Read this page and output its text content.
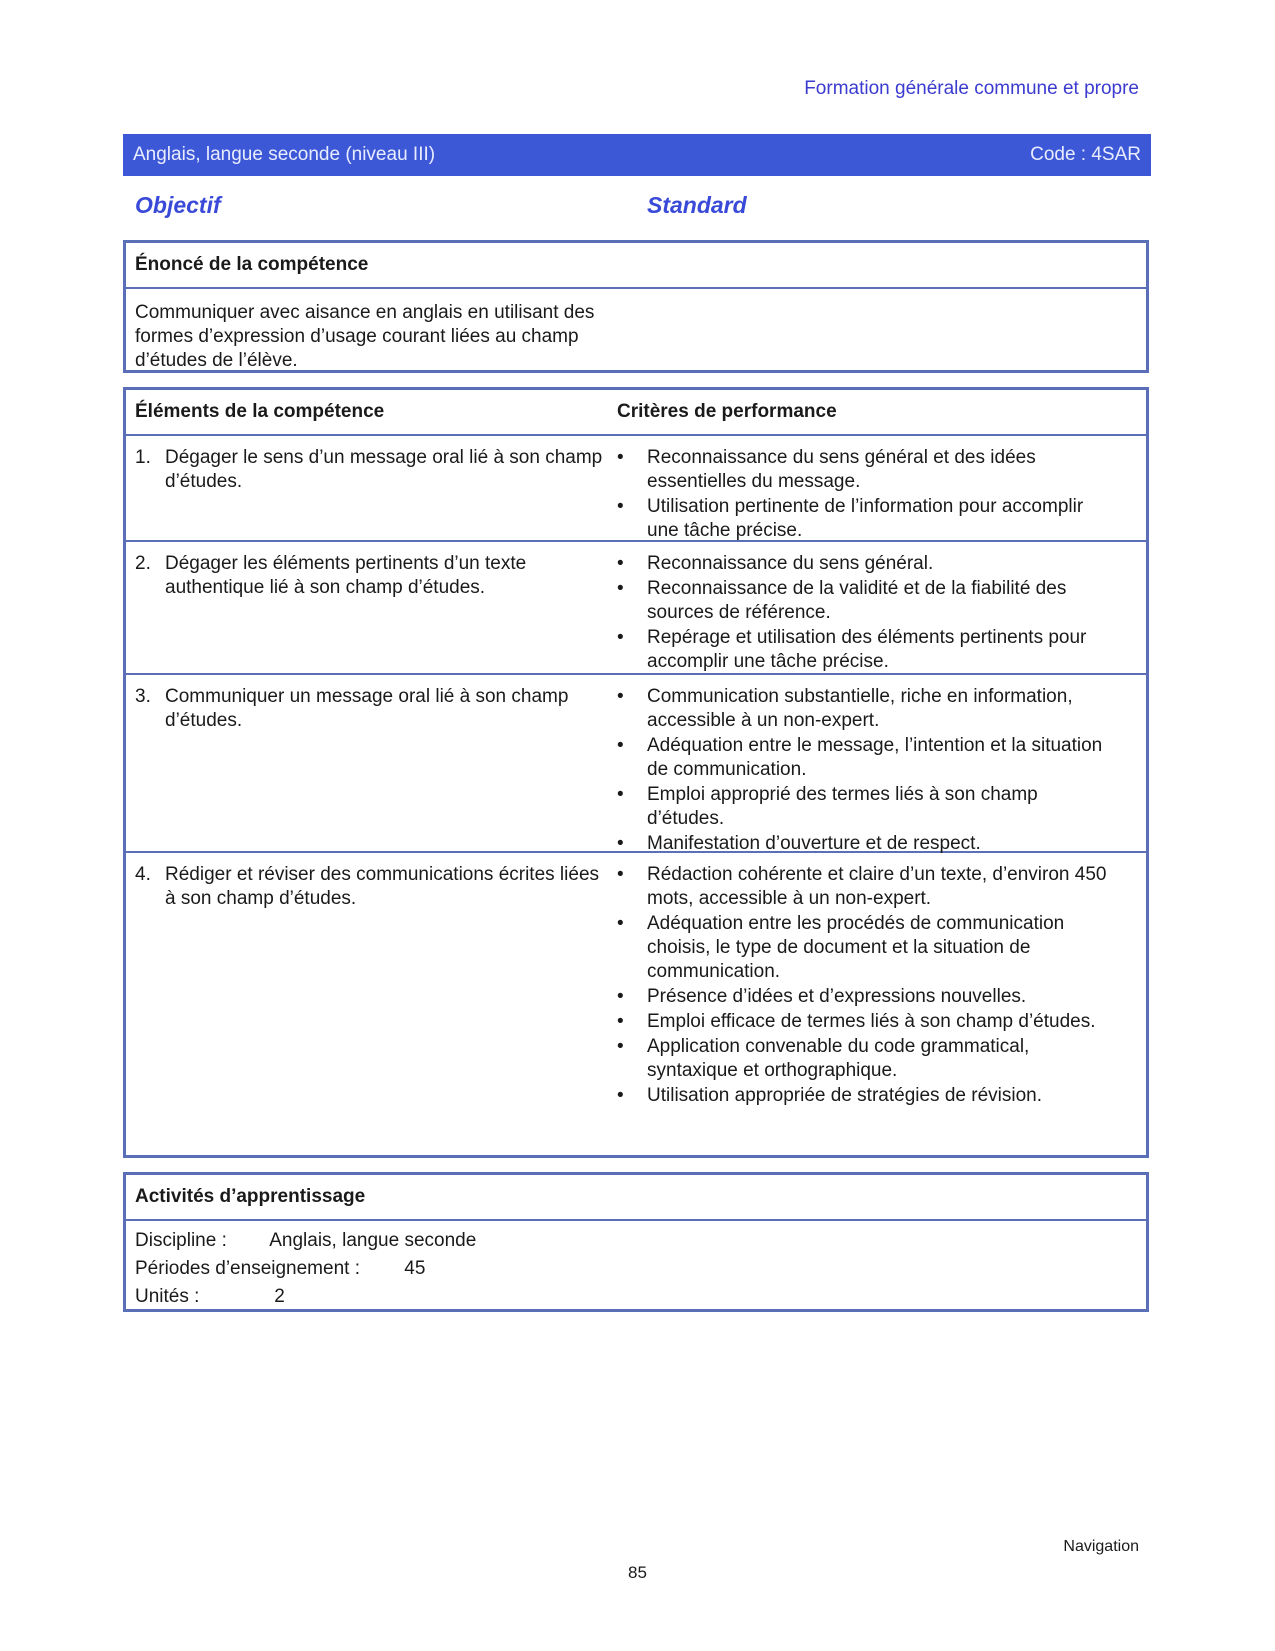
Formation générale commune et propre
Anglais, langue seconde (niveau III)	Code : 4SAR
Objectif	Standard
Énoncé de la compétence
Communiquer avec aisance en anglais en utilisant des formes d’expression d’usage courant liées au champ d’études de l’élève.
Éléments de la compétence	Critères de performance
1. Dégager le sens d’un message oral lié à son champ d’études.
• Reconnaissance du sens général et des idées essentielles du message.
• Utilisation pertinente de l’information pour accomplir une tâche précise.
2. Dégager les éléments pertinents d’un texte authentique lié à son champ d’études.
• Reconnaissance du sens général.
• Reconnaissance de la validité et de la fiabilité des sources de référence.
• Repérage et utilisation des éléments pertinents pour accomplir une tâche précise.
3. Communiquer un message oral lié à son champ d’études.
• Communication substantielle, riche en information, accessible à un non-expert.
• Adéquation entre le message, l’intention et la situation de communication.
• Emploi approprié des termes liés à son champ d’études.
• Manifestation d’ouverture et de respect.
4. Rédiger et réviser des communications écrites liées à son champ d’études.
• Rédaction cohérente et claire d’un texte, d’environ 450 mots, accessible à un non-expert.
• Adéquation entre les procédés de communication choisis, le type de document et la situation de communication.
• Présence d’idées et d’expressions nouvelles.
• Emploi efficace de termes liés à son champ d’études.
• Application convenable du code grammatical, syntaxique et orthographique.
• Utilisation appropriée de stratégies de révision.
Activités d’apprentissage
Discipline : Anglais, langue seconde
Périodes d’enseignement : 45
Unités :	2
Navigation
85
